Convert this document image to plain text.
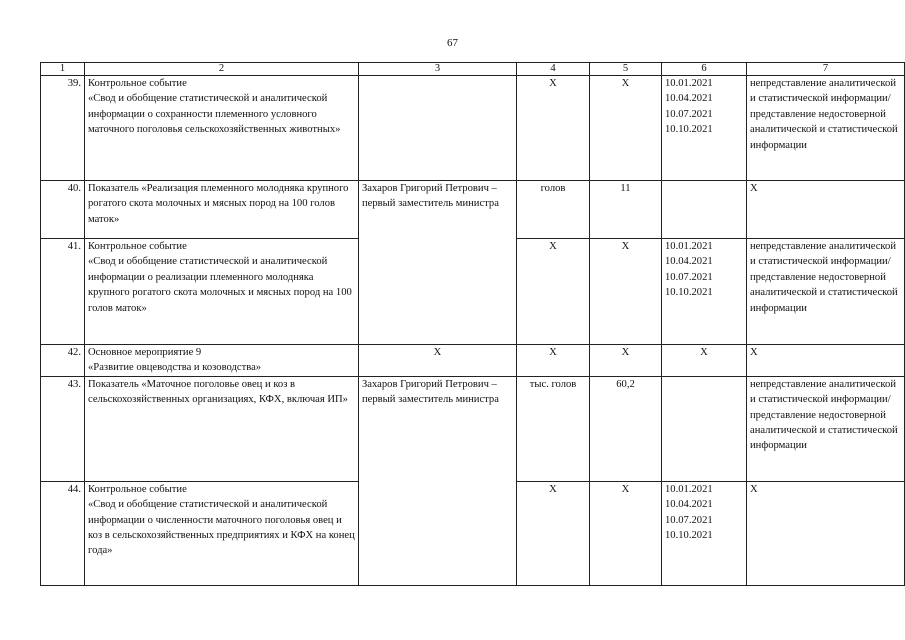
67
1	2	3	4	5	6	7
39.	Контрольное событие
«Свод и обобщение статистической и аналитической информации о сохранности племенного условного маточного поголовья сельскохозяйственных животных»		Х	Х	10.01.2021
10.04.2021
10.07.2021
10.10.2021	непредставление аналитической и статистической информации/ представление недостоверной аналитической и статистической информации
40.	Показатель «Реализация племенного молодняка крупного рогатого скота молочных и мясных пород на 100 голов маток»	Захаров Григорий Петрович – первый заместитель министра	голов	11		Х
41.	Контрольное событие
«Свод и обобщение статистической и аналитической информации о реализации племенного молодняка крупного рогатого скота молочных и мясных пород на 100 голов маток»		Х	Х	10.01.2021
10.04.2021
10.07.2021
10.10.2021	непредставление аналитической и статистической информации/ представление недостоверной аналитической и статистической информации
42.	Основное мероприятие 9
«Развитие овцеводства и козоводства»	Х	Х	Х	Х	Х
43.	Показатель «Маточное поголовье овец и коз в сельскохозяйственных организациях, КФХ, включая ИП»	Захаров Григорий Петрович – первый заместитель министра	тыс. голов	60,2		непредставление аналитической и статистической информации/ представление недостоверной аналитической и статистической информации
44.	Контрольное событие
«Свод и обобщение статистической и аналитической информации о численности маточного поголовья овец и коз в сельскохозяйственных предприятиях и КФХ на конец года»		Х	Х	10.01.2021
10.04.2021
10.07.2021
10.10.2021	Х
